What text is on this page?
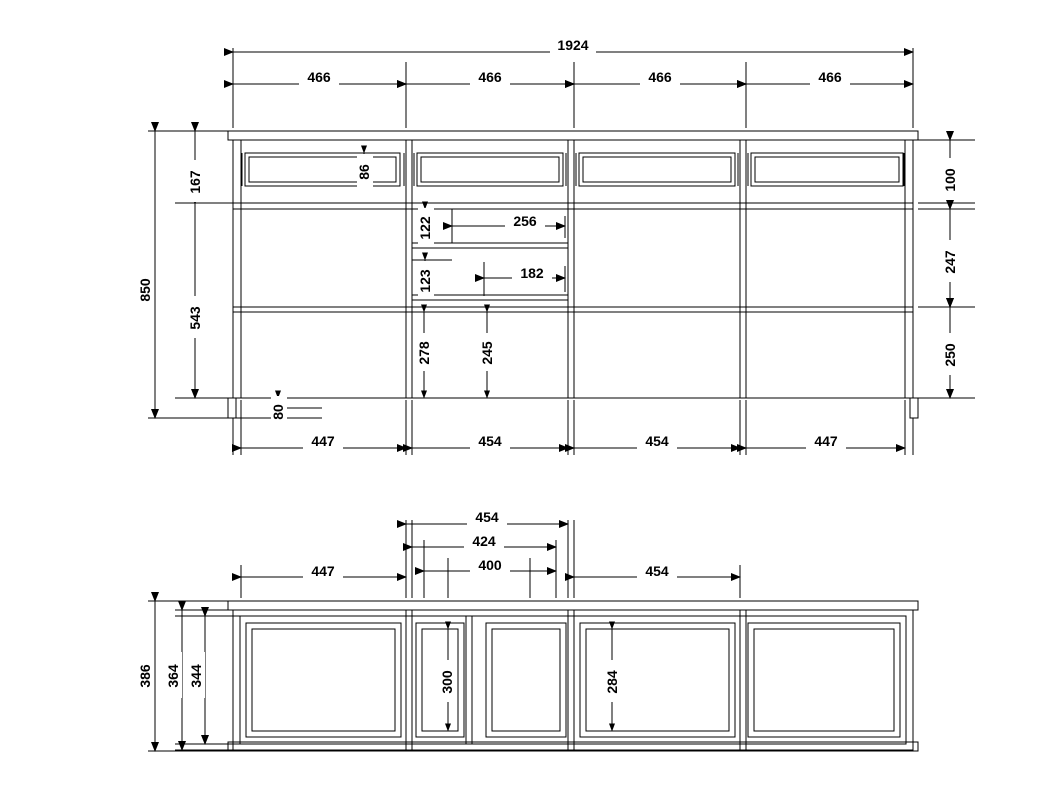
1924
466	466	466	466
447	454	454	447
167
543
850
100
247
250
86
122	256
123	182
278	245
80
454
424
400
447	454
386 364 344	300	284
